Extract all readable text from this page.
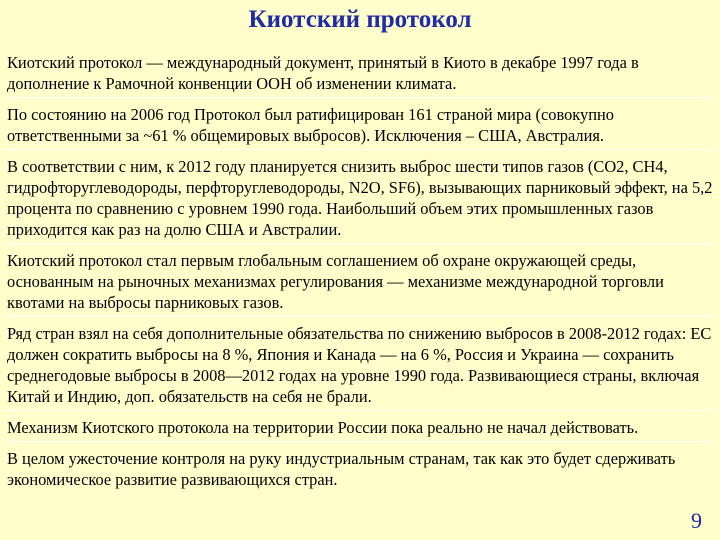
Киотский протокол
Киотский протокол — международный документ, принятый в Киото в декабре 1997 года в дополнение к Рамочной конвенции ООН об изменении климата.
По состоянию на 2006 год Протокол был ратифицирован 161 страной мира (совокупно ответственными за ~61 % общемировых выбросов). Исключения – США, Австралия.
В соответствии с ним, к 2012 году планируется снизить выброс шести типов газов (СО2, СН4, гидрофторуглеводороды, перфторуглеводороды, N2O, SF6), вызывающих парниковый эффект, на 5,2 процента по сравнению с уровнем 1990 года. Наибольший объем этих промышленных газов приходится как раз на долю США и Австралии.
Киотский протокол стал первым глобальным соглашением об охране окружающей среды, основанным на рыночных механизмах регулирования — механизме международной торговли квотами на выбросы парниковых газов.
Ряд стран взял на себя дополнительные обязательства по снижению выбросов в 2008-2012 годах: ЕС должен сократить выбросы на 8 %, Япония и Канада — на 6 %, Россия и Украина — сохранить среднегодовые выбросы в 2008—2012 годах на уровне 1990 года. Развивающиеся страны, включая Китай и Индию, доп. обязательств на себя не брали.
Механизм Киотского протокола на территории России пока реально не начал действовать.
В целом ужесточение контроля на руку индустриальным странам, так как это будет сдерживать экономическое развитие развивающихся стран.
9
